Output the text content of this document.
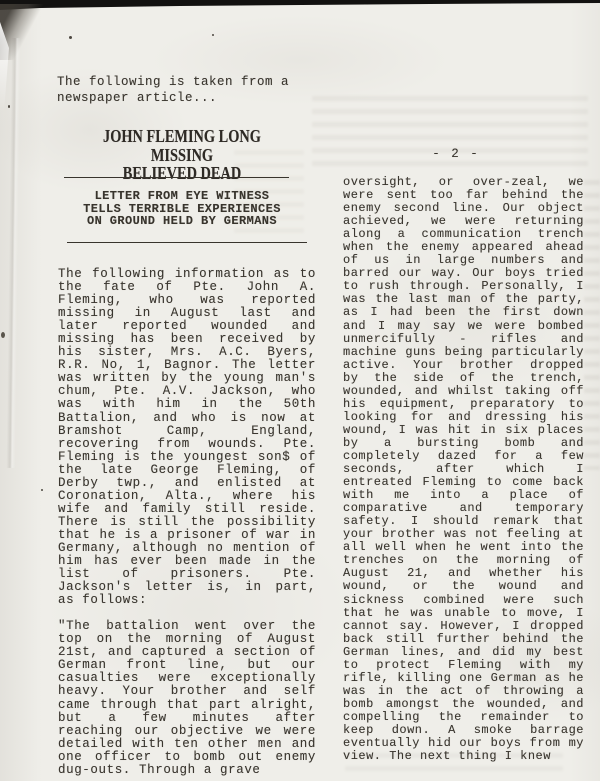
The following is taken from a
newspaper article...
JOHN FLEMING LONG MISSING
BELIEVED DEAD
LETTER FROM EYE WITNESS
TELLS TERRIBLE EXPERIENCES
ON GROUND HELD BY GERMANS
The following information as to
the fate of Pte. John A.
Fleming, who was reported
missing in August last and
later reported wounded and
missing has been received by
his sister, Mrs. A.C. Byers,
R.R. No, 1, Bagnor. The letter
was written by the young man's
chum, Pte. A.V. Jackson, who
was with him in the 50th
Battalion, and who is now at
Bramshot Camp, England,
recovering from wounds. Pte.
Fleming is the youngest son$ of
the late George Fleming, of
Derby twp., and enlisted at
Coronation, Alta., where his
wife and family still reside.
There is still the possibility
that he is a prisoner of war in
Germany, although no mention of
him has ever been made in the
list of prisoners. Pte.
Jackson's letter is, in part,
as follows:
"The battalion went over the
top on the morning of August
21st, and captured a section of
German front line, but our
casualties were exceptionally
heavy. Your brother and self
came through that part alright,
but a few minutes after
reaching our objective we were
detailed with ten other men and
one officer to bomb out enemy
dug-outs. Through a grave
- 2 -
oversight, or over-zeal, we
were sent too far behind the
enemy second line. Our object
achieved, we were returning
along a communication trench
when the enemy appeared ahead
of us in large numbers and
barred our way. Our boys tried
to rush through. Personally, I
was the last man of the party,
as I had been the first down
and I may say we were bombed
unmercifully - rifles and
machine guns being particularly
active. Your brother dropped
by the side of the trench,
wounded, and whilst taking off
his equipment, preparatory to
looking for and dressing his
wound, I was hit in six places
by a bursting bomb and
completely dazed for a few
seconds, after which I
entreated Fleming to come back
with me into a place of
comparative and temporary
safety. I should remark that
your brother was not feeling at
all well when he went into the
trenches on the morning of
August 21, and whether his
wound, or the wound and
sickness combined were such
that he was unable to move, I
cannot say. However, I dropped
back still further behind the
German lines, and did my best
to protect Fleming with my
rifle, killing one German as he
was in the act of throwing a
bomb amongst the wounded, and
compelling the remainder to
keep down. A smoke barrage
eventually hid our boys from my
view. The next thing I knew
